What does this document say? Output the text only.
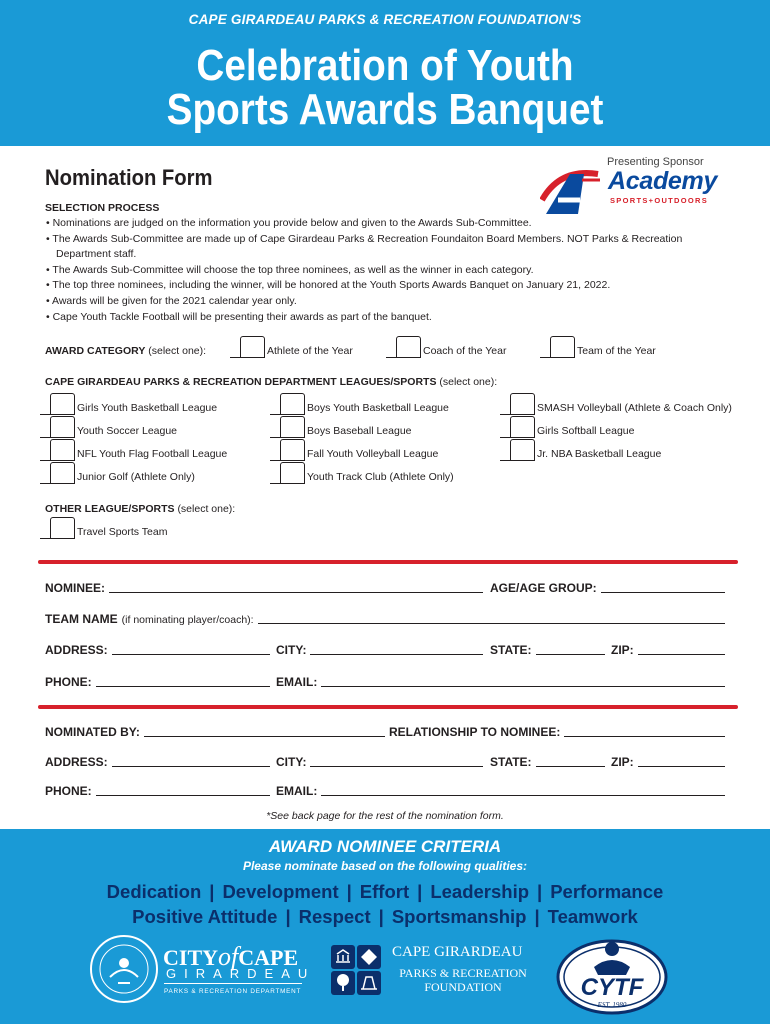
CAPE GIRARDEAU PARKS & RECREATION FOUNDATION'S
Celebration of Youth
Sports Awards Banquet
Nomination Form
Presenting Sponsor
Academy
SPORTS+OUTDOORS
SELECTION PROCESS
• Nominations are judged on the information you provide below and given to the Awards Sub-Committee.
• The Awards Sub-Committee are made up of Cape Girardeau Parks & Recreation Foundaiton Board Members. NOT Parks & Recreation Department staff.
• The Awards Sub-Committee will choose the top three nominees, as well as the winner in each category.
• The top three nominees, including the winner, will be honored at the Youth Sports Awards Banquet on January 21, 2022.
• Awards will be given for the 2021 calendar year only.
• Cape Youth Tackle Football will be presenting their awards as part of the banquet.
AWARD CATEGORY (select one):	Athlete of the Year	Coach of the Year	Team of the Year
CAPE GIRARDEAU PARKS & RECREATION DEPARTMENT LEAGUES/SPORTS (select one):
Girls Youth Basketball League
Youth Soccer League
NFL Youth Flag Football League
Junior Golf (Athlete Only)
Boys Youth Basketball League
Boys Baseball League
Fall Youth Volleyball League
Youth Track Club (Athlete Only)
SMASH Volleyball (Athlete & Coach Only)
Girls Softball League
Jr. NBA Basketball League
OTHER LEAGUE/SPORTS (select one):
Travel Sports Team
NOMINEE:	AGE/AGE GROUP:
TEAM NAME (if nominating player/coach):
ADDRESS:	CITY:	STATE:	ZIP:
PHONE:	EMAIL:
NOMINATED BY:	RELATIONSHIP TO NOMINEE:
ADDRESS:	CITY:	STATE:	ZIP:
PHONE:	EMAIL:
*See back page for the rest of the nomination form.
AWARD NOMINEE CRITERIA
Please nominate based on the following qualities:
Dedication | Development | Effort | Leadership | Performance
Positive Attitude | Respect | Sportsmanship | Teamwork
CITYofCAPE
GIRARDEAU
PARKS & RECREATION DEPARTMENT
CAPE GIRARDEAU
PARKS & RECREATION
FOUNDATION	CYTF
EST. 1980
